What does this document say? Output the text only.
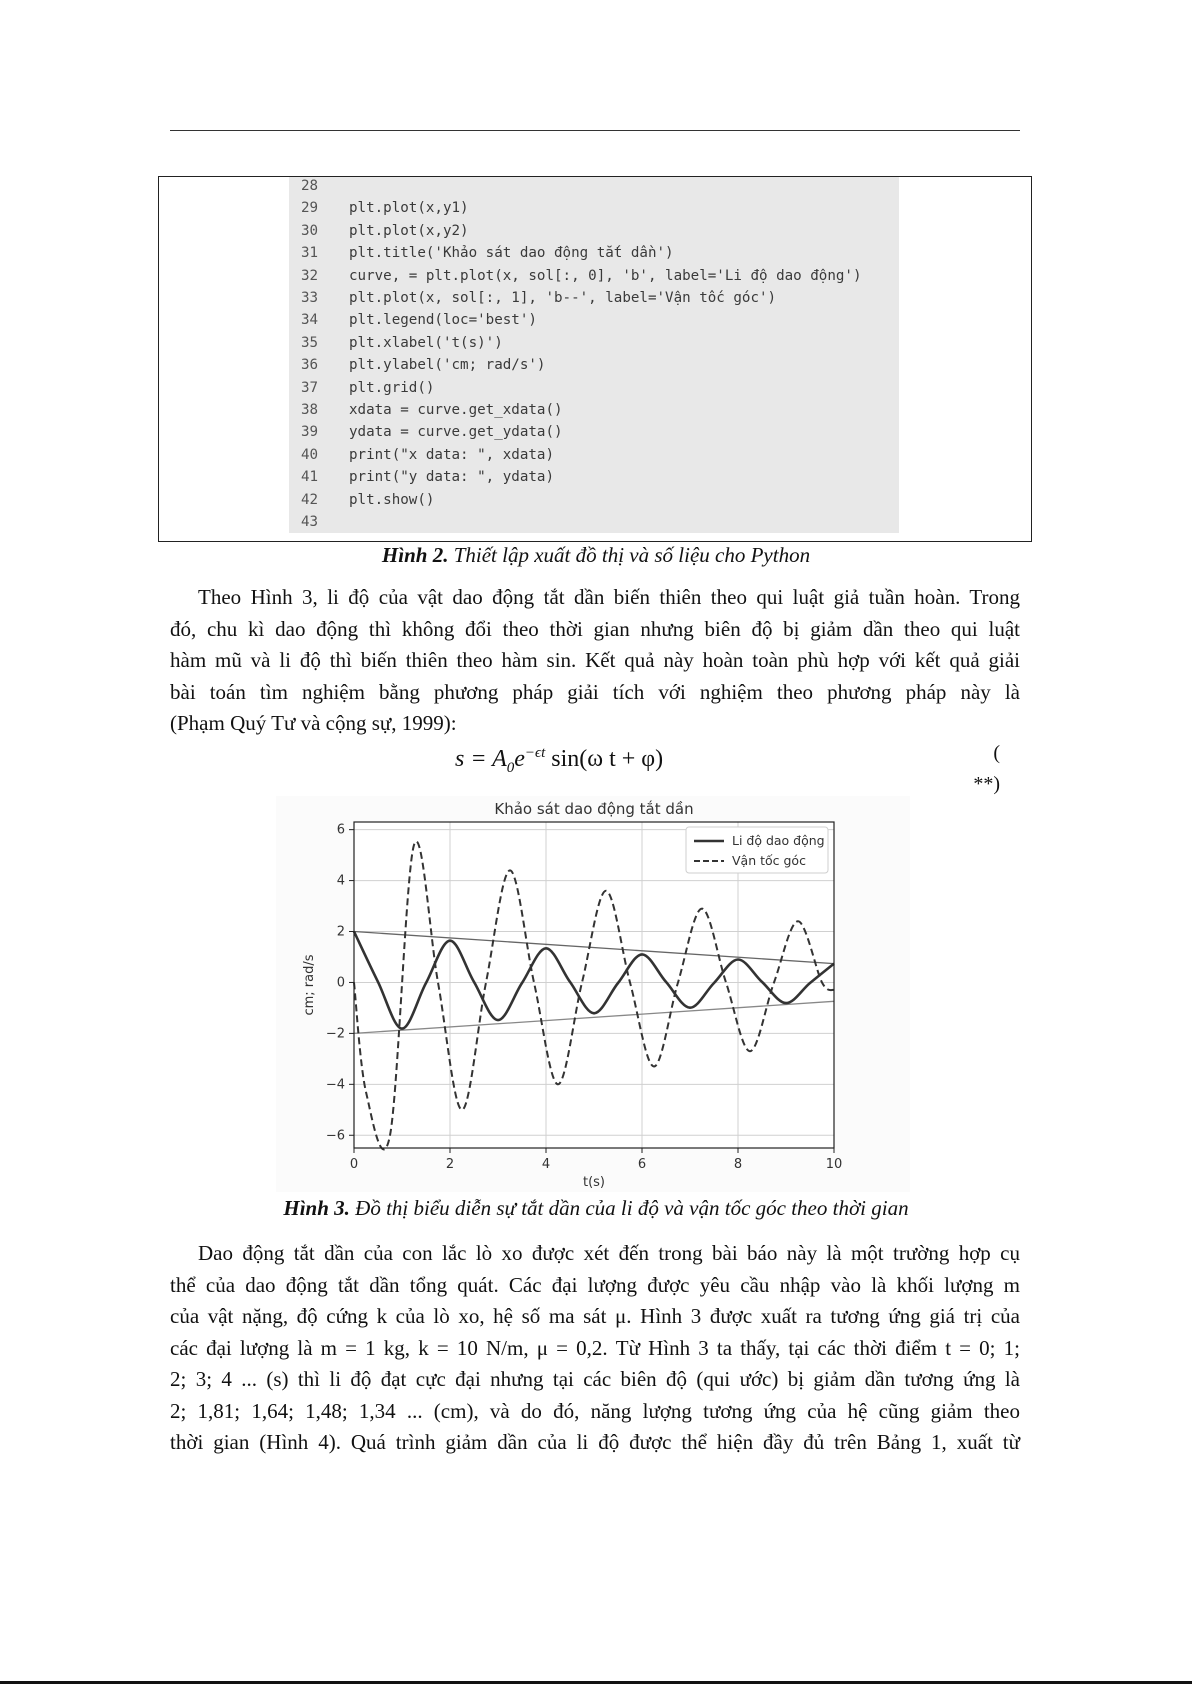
28
29 plt.plot(x,y1)
30 plt.plot(x,y2)
31 plt.title('Khảo sát dao động tắt dần')
32 curve, = plt.plot(x, sol[:, 0], 'b', label='Li độ dao động')
33 plt.plot(x, sol[:, 1], 'b--', label='Vận tốc góc')
34 plt.legend(loc='best')
35 plt.xlabel('t(s)')
36 plt.ylabel('cm; rad/s')
37 plt.grid()
38 xdata = curve.get_xdata()
39 ydata = curve.get_ydata()
40 print("x data: ", xdata)
41 print("y data: ", ydata)
42 plt.show()
43
Hình 2. Thiết lập xuất đồ thị và số liệu cho Python
Theo Hình 3, li độ của vật dao động tắt dần biến thiên theo qui luật giả tuần hoàn. Trong
đó, chu kì dao động thì không đổi theo thời gian nhưng biên độ bị giảm dần theo qui luật
hàm mũ và li độ thì biến thiên theo hàm sin. Kết quả này hoàn toàn phù hợp với kết quả giải
bài toán tìm nghiệm bằng phương pháp giải tích với nghiệm theo phương pháp này là
(Phạm Quý Tư và cộng sự, 1999):
$s = A_0e^{-\epsilon t}$ sin(ω t + φ)	(
**)
0	2	4	6	8	10
−6
−4
−2
0
2
4
6
Khảo sát dao động tắt dần
t(s)
cm; rad/s
Li độ dao động
Vận tốc góc
Hình 3. Đồ thị biểu diễn sự tắt dần của li độ và vận tốc góc theo thời gian
Dao động tắt dần của con lắc lò xo được xét đến trong bài báo này là một trường hợp cụ
thể của dao động tắt dần tổng quát. Các đại lượng được yêu cầu nhập vào là khối lượng m
của vật nặng, độ cứng k của lò xo, hệ số ma sát μ. Hình 3 được xuất ra tương ứng giá trị của
các đại lượng là m = 1 kg, k = 10 N/m, μ = 0,2. Từ Hình 3 ta thấy, tại các thời điểm t = 0; 1;
2; 3; 4 ... (s) thì li độ đạt cực đại nhưng tại các biên độ (qui ước) bị giảm dần tương ứng là
2; 1,81; 1,64; 1,48; 1,34 ... (cm), và do đó, năng lượng tương ứng của hệ cũng giảm theo
thời gian (Hình 4). Quá trình giảm dần của li độ được thể hiện đầy đủ trên Bảng 1, xuất từ
